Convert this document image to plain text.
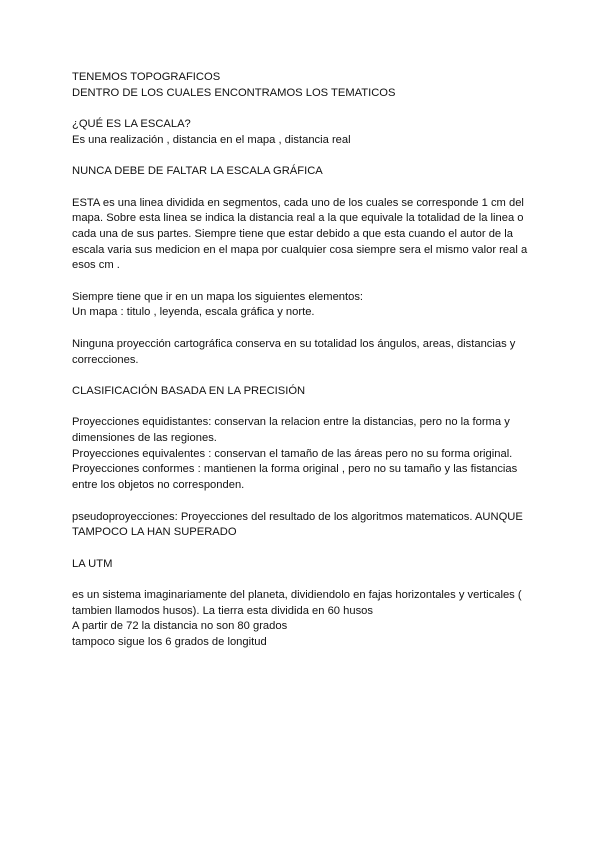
TENEMOS TOPOGRAFICOS
DENTRO DE LOS CUALES ENCONTRAMOS LOS TEMATICOS
¿QUÉ ES LA ESCALA?
Es una realización , distancia en el mapa , distancia real
NUNCA DEBE DE FALTAR LA ESCALA GRÁFICA
ESTA es una linea dividida en segmentos, cada uno de los cuales se corresponde 1 cm del mapa. Sobre esta linea se indica la distancia real a la que equivale la totalidad de la linea o cada una de sus partes. Siempre tiene que estar debido a que esta cuando el autor de la escala varia sus medicion en el mapa por cualquier cosa siempre sera el mismo valor real a esos cm .
Siempre tiene que ir en un mapa los siguientes elementos:
Un mapa : titulo , leyenda, escala gráfica y norte.
Ninguna proyección cartográfica conserva en su totalidad los ángulos, areas, distancias y correcciones.
CLASIFICACIÓN BASADA EN LA PRECISIÓN
Proyecciones equidistantes: conservan la relacion entre la distancias, pero no la forma y dimensiones de las regiones.
Proyecciones equivalentes : conservan el tamaño de las áreas pero no su forma original.
Proyecciones conformes : mantienen la forma original , pero no su tamaño y las fistancias entre los objetos no corresponden.
pseudoproyecciones: Proyecciones del resultado de los algoritmos matematicos. AUNQUE TAMPOCO LA HAN SUPERADO
LA UTM
es un sistema imaginariamente del planeta, dividiendolo en fajas horizontales y verticales ( tambien llamodos husos). La tierra esta dividida en 60 husos
A partir de 72 la distancia no son 80 grados
tampoco sigue los 6 grados de longitud
